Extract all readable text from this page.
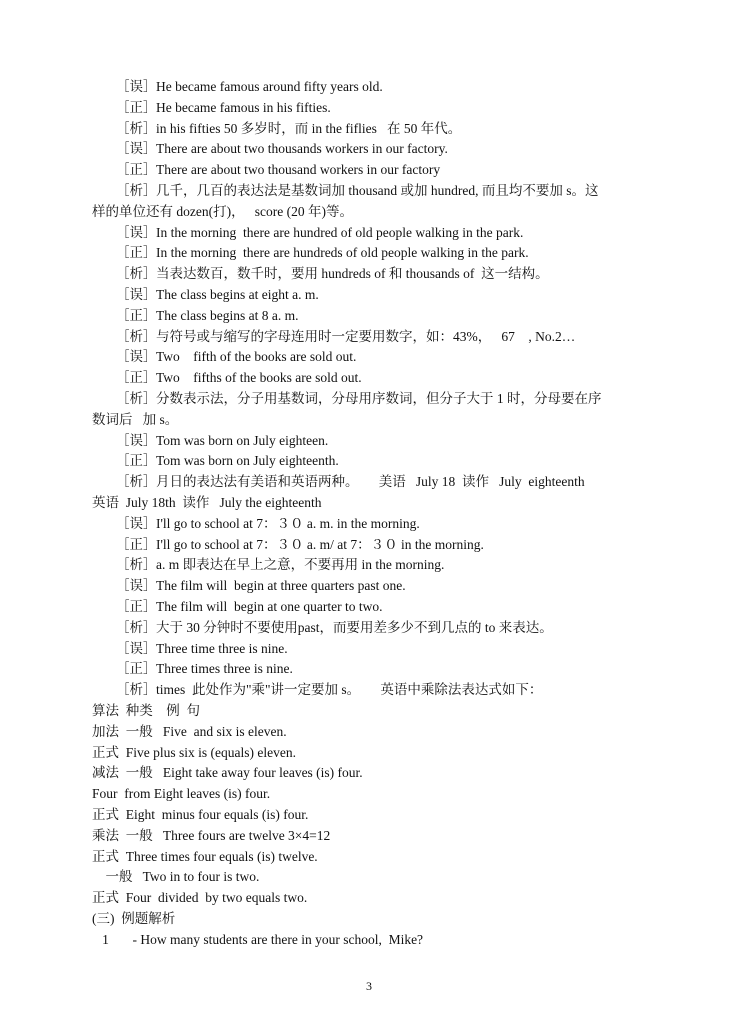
［误］He became famous around fifty years old.
［正］He became famous in his fifties.
［析］in his fifties 50 多岁时，而 in the fiflies   在 50 年代。
［误］There are about two thousands workers in our factory.
［正］There are about two thousand workers in our factory
［析］几千，几百的表达法是基数词加 thousand 或加 hundred, 而且均不要加 s。这
样的单位还有 dozen(打)，   score (20 年)等。
［误］In the morning  there are hundred of old people walking in the park.
［正］In the morning  there are hundreds of old people walking in the park.
［析］当表达数百，数千时，要用 hundreds of 和 thousands of  这一结构。
［误］The class begins at eight a. m.
［正］The class begins at 8 a. m.
［析］与符号或与缩写的字母连用时一定要用数字，如：43%，   67    , No.2…
［误］Two    fifth of the books are sold out.
［正］Two    fifths of the books are sold out.
［析］分数表示法，分子用基数词，分母用序数词，但分子大于 1 时，分母要在序
数词后   加 s。
［误］Tom was born on July eighteen.
［正］Tom was born on July eighteenth.
［析］月日的表达法有美语和英语两种。      美语   July 18  读作   July  eighteenth
英语  July 18th  读作   July the eighteenth
［误］I'll go to school at 7：３０ a. m. in the morning.
［正］I'll go to school at 7：３０ a. m/ at 7：３０ in the morning.
［析］a. m 即表达在早上之意，不要再用 in the morning.
［误］The film will  begin at three quarters past one.
［正］The film will  begin at one quarter to two.
［析］大于 30 分钟时不要使用past，而要用差多少不到几点的 to 来表达。
［误］Three time three is nine.
［正］Three times three is nine.
［析］times  此处作为"乘"讲一定要加 s。      英语中乘除法表达式如下：
算法  种类    例  句
加法  一般   Five  and six is eleven.
正式  Five plus six is (equals) eleven.
减法  一般   Eight take away four leaves (is) four.
Four  from Eight leaves (is) four.
正式  Eight  minus four equals (is) four.
乘法  一般   Three fours are twelve 3×4=12
正式  Three times four equals (is) twelve.
一般   Two in to four is two.
正式  Four  divided  by two equals two.
(三)  例题解析
1       - How many students are there in your school,  Mike?
3
